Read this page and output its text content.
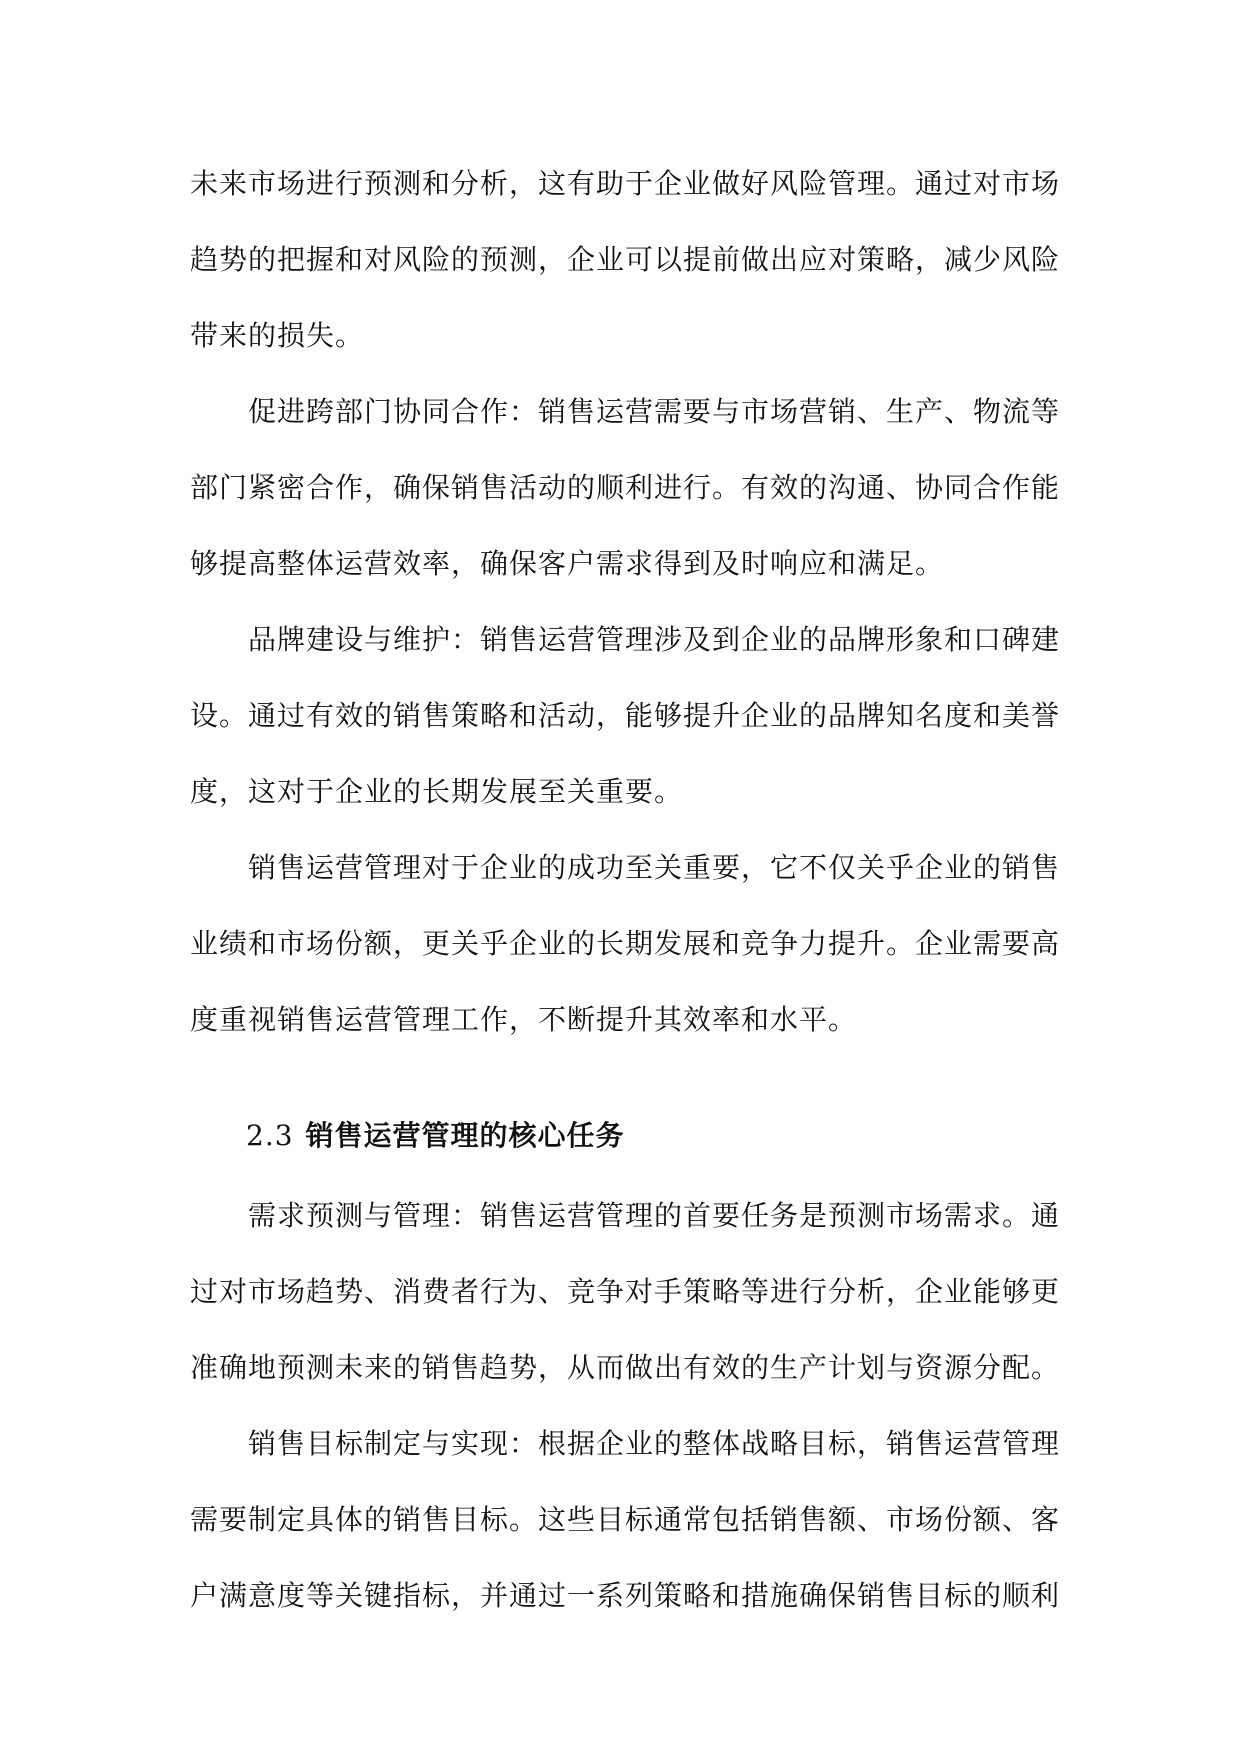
未来市场进行预测和分析，这有助于企业做好风险管理。通过对市场趋势的把握和对风险的预测，企业可以提前做出应对策略，减少风险带来的损失。

促进跨部门协同合作：销售运营需要与市场营销、生产、物流等部门紧密合作，确保销售活动的顺利进行。有效的沟通、协同合作能够提高整体运营效率，确保客户需求得到及时响应和满足。

品牌建设与维护：销售运营管理涉及到企业的品牌形象和口碑建设。通过有效的销售策略和活动，能够提升企业的品牌知名度和美誉度，这对于企业的长期发展至关重要。

销售运营管理对于企业的成功至关重要，它不仅关乎企业的销售业绩和市场份额，更关乎企业的长期发展和竞争力提升。企业需要高度重视销售运营管理工作，不断提升其效率和水平。

2.3 销售运营管理的核心任务

需求预测与管理：销售运营管理的首要任务是预测市场需求。通过对市场趋势、消费者行为、竞争对手策略等进行分析，企业能够更准确地预测未来的销售趋势，从而做出有效的生产计划与资源分配。

销售目标制定与实现：根据企业的整体战略目标，销售运营管理需要制定具体的销售目标。这些目标通常包括销售额、市场份额、客户满意度等关键指标，并通过一系列策略和措施确保销售目标的顺利
